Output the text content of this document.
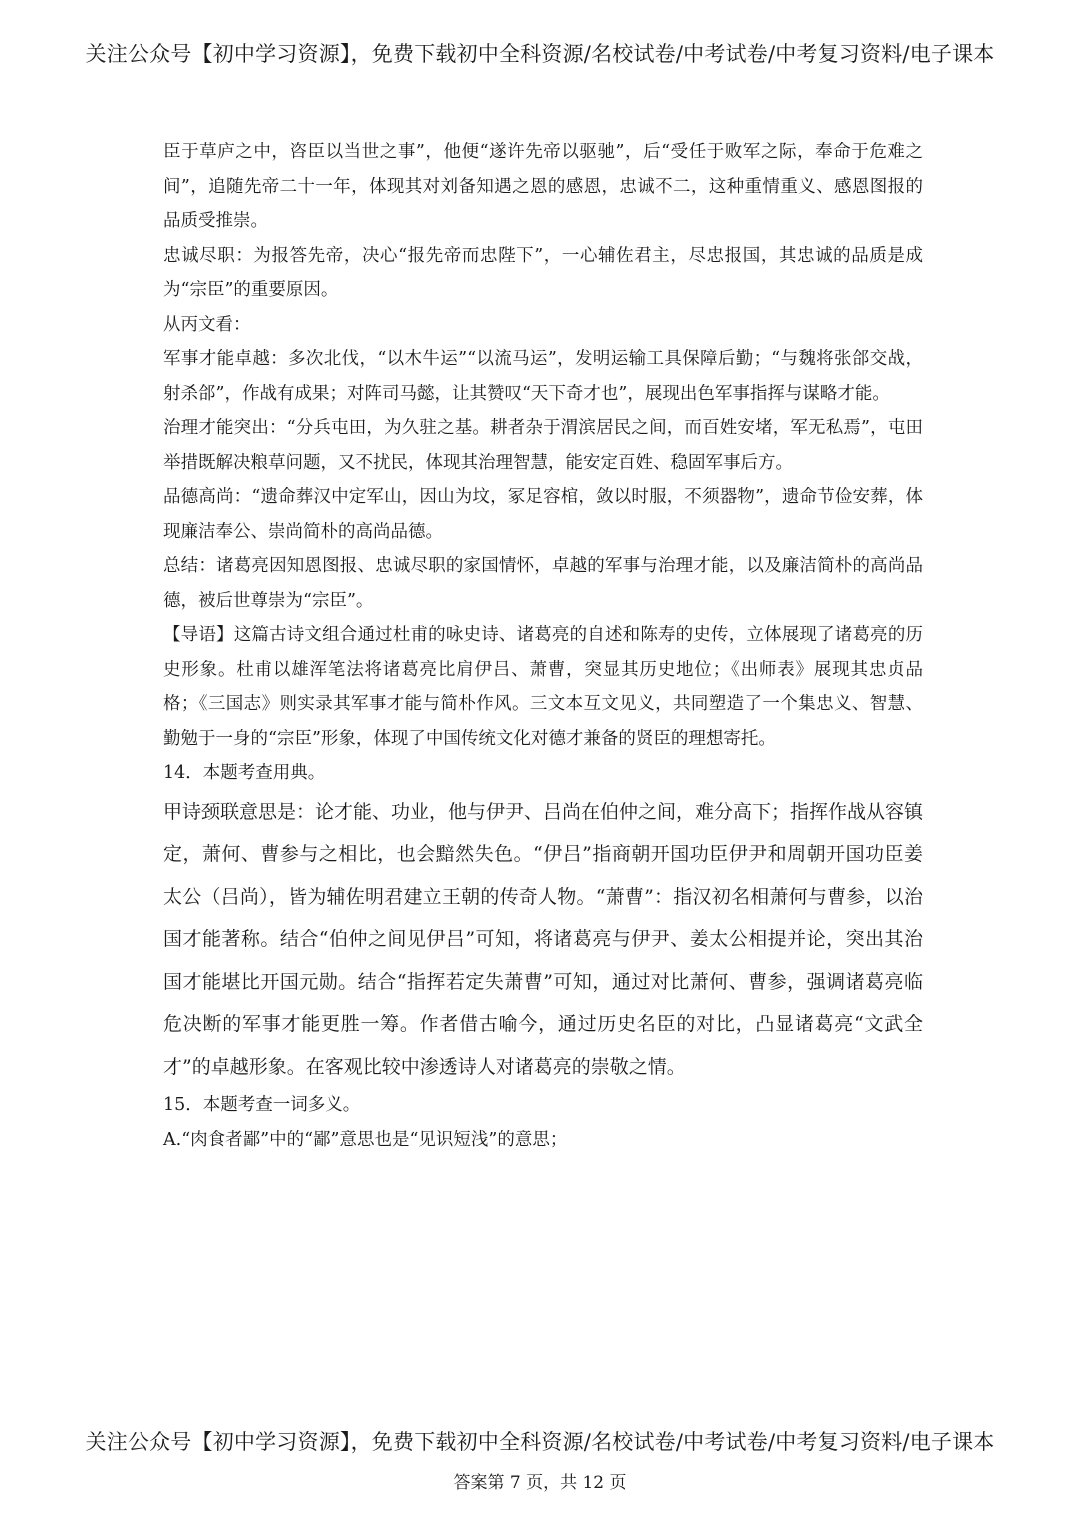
关注公众号【初中学习资源】，免费下载初中全科资源/名校试卷/中考试卷/中考复习资料/电子课本

臣于草庐之中，咨臣以当世之事”，他便“遂许先帝以驱驰”，后“受任于败军之际，奉命于危难之间”，追随先帝二十一年，体现其对刘备知遇之恩的感恩，忠诚不二，这种重情重义、感恩图报的品质受推崇。

忠诚尽职：为报答先帝，决心“报先帝而忠陛下”，一心辅佐君主，尽忠报国，其忠诚的品质是成为“宗臣”的重要原因。

从丙文看：

军事才能卓越：多次北伐，“以木牛运”“以流马运”，发明运输工具保障后勤；“与魏将张郃交战，射杀郃”，作战有成果；对阵司马懿，让其赞叹“天下奇才也”，展现出色军事指挥与谋略才能。

治理才能突出：“分兵屯田，为久驻之基。耕者杂于渭滨居民之间，而百姓安堵，军无私焉”，屯田举措既解决粮草问题，又不扰民，体现其治理智慧，能安定百姓、稳固军事后方。

品德高尚：“遗命葬汉中定军山，因山为坟，冢足容棺，敛以时服，不须器物”，遗命节俭安葬，体现廉洁奉公、崇尚简朴的高尚品德。

总结：诸葛亮因知恩图报、忠诚尽职的家国情怀，卓越的军事与治理才能，以及廉洁简朴的高尚品德，被后世尊崇为“宗臣”。

【导语】这篇古诗文组合通过杜甫的咏史诗、诸葛亮的自述和陈寿的史传，立体展现了诸葛亮的历史形象。杜甫以雄浑笔法将诸葛亮比肩伊吕、萧曹，突显其历史地位；《出师表》展现其忠贞品格；《三国志》则实录其军事才能与简朴作风。三文本互文见义，共同塑造了一个集忠义、智慧、勤勉于一身的“宗臣”形象，体现了中国传统文化对德才兼备的贤臣的理想寄托。

14．本题考查用典。

甲诗颈联意思是：论才能、功业，他与伊尹、吕尚在伯仲之间，难分高下；指挥作战从容镇定，萧何、曹参与之相比，也会黯然失色。“伊吕”指商朝开国功臣伊尹和周朝开国功臣姜太公（吕尚），皆为辅佐明君建立王朝的传奇人物。“萧曹”：指汉初名相萧何与曹参，以治国才能著称。结合“伯仲之间见伊吕”可知，将诸葛亮与伊尹、姜太公相提并论，突出其治国才能堪比开国元勋。结合“指挥若定失萧曹”可知，通过对比萧何、曹参，强调诸葛亮临危决断的军事才能更胜一筹。作者借古喻今，通过历史名臣的对比，凸显诸葛亮“文武全才”的卓越形象。在客观比较中渗透诗人对诸葛亮的崇敬之情。

15．本题考查一词多义。

A.“肉食者鄙”中的“鄙”意思也是“见识短浅”的意思；

关注公众号【初中学习资源】，免费下载初中全科资源/名校试卷/中考试卷/中考复习资料/电子课本
答案第 7 页，共 12 页
